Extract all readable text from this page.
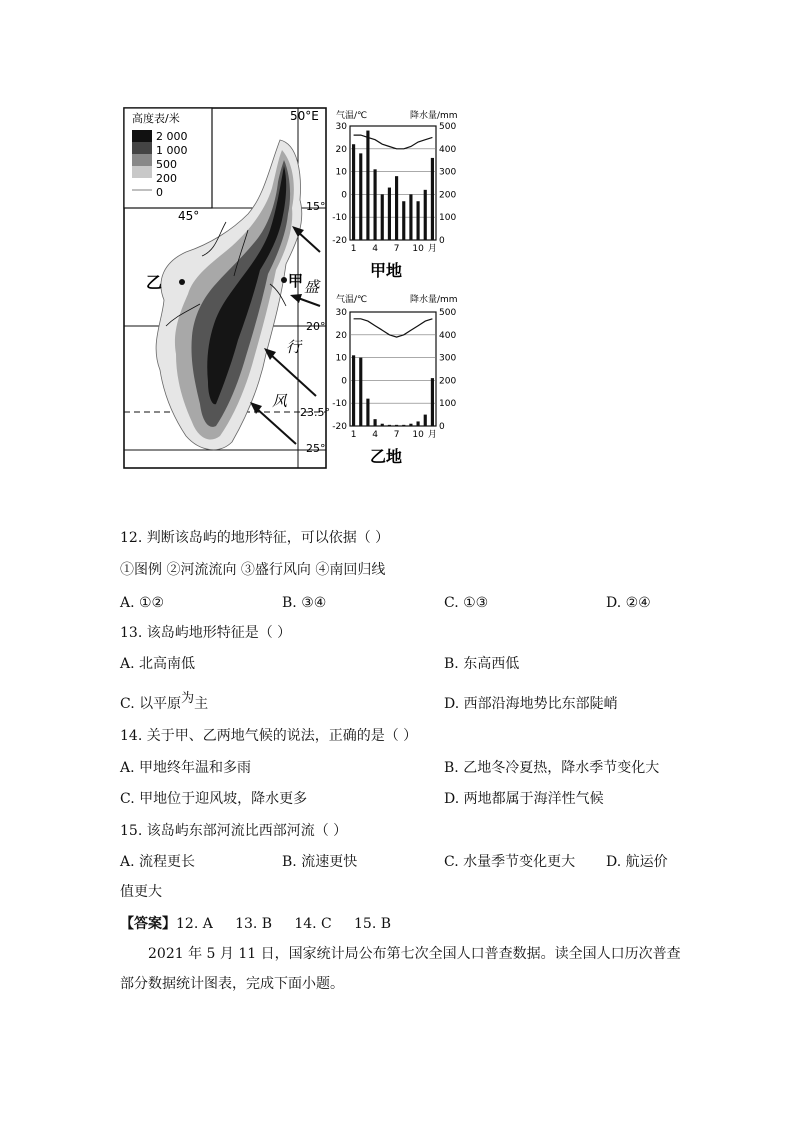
高度表/米
2 000
1 000
500
200
0
50°E
45°
15°
20°
23.5°
25°
乙	甲 盛
行
风
气温/℃	降水量/mm
30
20
10
0
-10
-20
500
400
300
200
100
0
1 4 7 10 月
甲地
气温/℃	降水量/mm
30
20
10
0
-10
-20
500
400
300
200
100
0
1 4 7 10 月
乙地
12. 判断该岛屿的地形特征，可以依据（ ）
①图例 ②河流流向 ③盛行风向 ④南回归线
A. ①②	B. ③④	C. ①③	D. ②④
13. 该岛屿地形特征是（ ）
A. 北高南低	B. 东高西低
C. 以平原为主	D. 西部沿海地势比东部陡峭
14. 关于甲、乙两地气候的说法，正确的是（ ）
A. 甲地终年温和多雨	B. 乙地冬冷夏热，降水季节变化大
C. 甲地位于迎风坡，降水更多	D. 两地都属于海洋性气候
15. 该岛屿东部河流比西部河流（ ）
A. 流程更长	B. 流速更快	C. 水量季节变化更大 D. 航运价
值更大
【答案】12. A     13. B     14. C     15. B
2021 年 5 月 11 日，国家统计局公布第七次全国人口普查数据。读全国人口历次普查
部分数据统计图表，完成下面小题。
